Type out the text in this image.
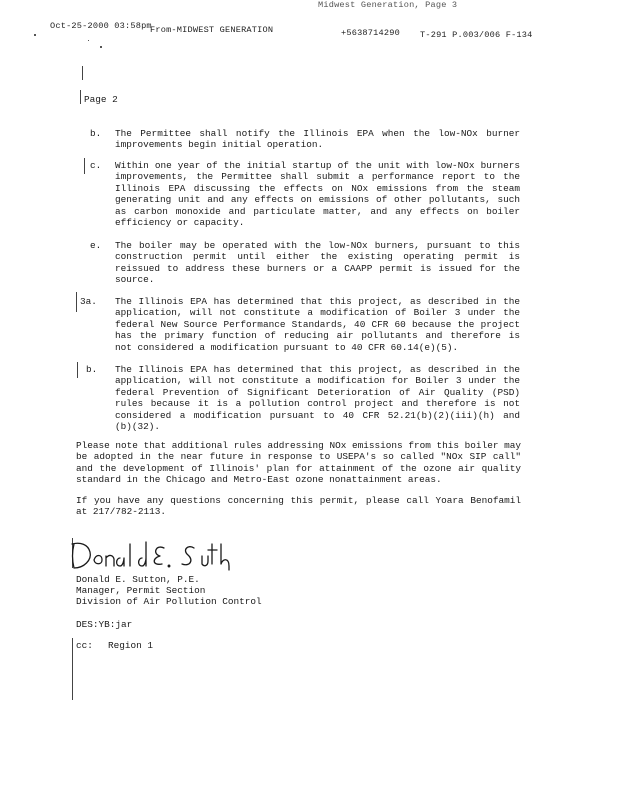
Midwest Generation, Page 3
Oct-25-2000 03:58pm
From-MIDWEST GENERATION	+5638714290 T-291 P.003/006 F-134
Page 2
b. The Permittee shall notify the Illinois EPA when the low-NOx burner improvements begin initial operation.
c. Within one year of the initial startup of the unit with low-NOx burners improvements, the Permittee shall submit a performance report to the Illinois EPA discussing the effects on NOx emissions from the steam generating unit and any effects on emissions of other pollutants, such as carbon monoxide and particulate matter, and any effects on boiler efficiency or capacity.
e. The boiler may be operated with the low-NOx burners, pursuant to this construction permit until either the existing operating permit is reissued to address these burners or a CAAPP permit is issued for the source.
3a. The Illinois EPA has determined that this project, as described in the application, will not constitute a modification of Boiler 3 under the federal New Source Performance Standards, 40 CFR 60 because the project has the primary function of reducing air pollutants and therefore is not considered a modification pursuant to 40 CFR 60.14(e)(5).
b. The Illinois EPA has determined that this project, as described in the application, will not constitute a modification for Boiler 3 under the federal Prevention of Significant Deterioration of Air Quality (PSD) rules because it is a pollution control project and therefore is not considered a modification pursuant to 40 CFR 52.21(b)(2)(iii)(h) and (b)(32).
Please note that additional rules addressing NOx emissions from this boiler may be adopted in the near future in response to USEPA's so called "NOx SIP call" and the development of Illinois' plan for attainment of the ozone air quality standard in the Chicago and Metro-East ozone nonattainment areas.
If you have any questions concerning this permit, please call Yoara Benofamil at 217/782-2113.
Donald E. Sutton, P.E.
Manager, Permit Section
Division of Air Pollution Control
DES:YB:jar
cc: Region 1
